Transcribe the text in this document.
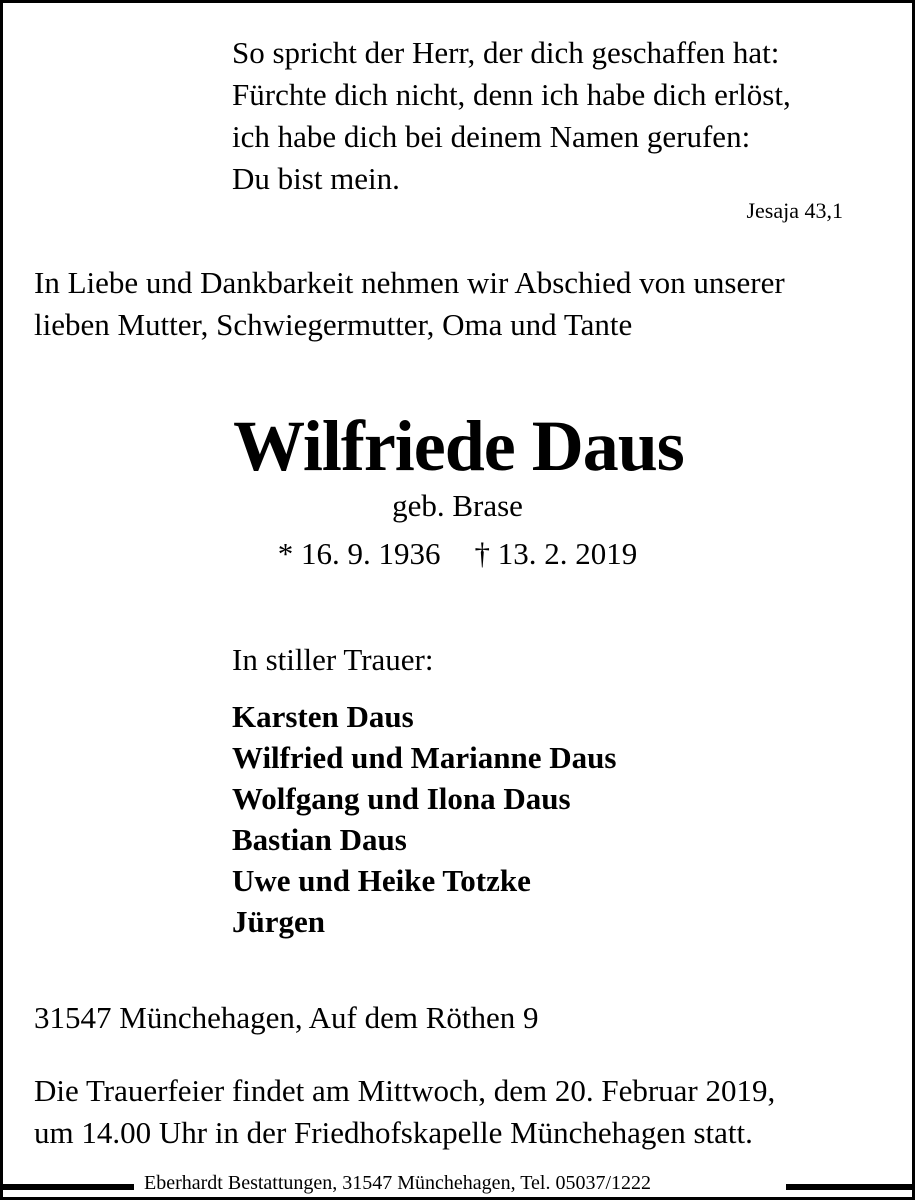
So spricht der Herr, der dich geschaffen hat:
Fürchte dich nicht, denn ich habe dich erlöst,
ich habe dich bei deinem Namen gerufen:
Du bist mein.
Jesaja 43,1
In Liebe und Dankbarkeit nehmen wir Abschied von unserer
lieben Mutter, Schwiegermutter, Oma und Tante
Wilfriede Daus
geb. Brase
* 16. 9. 1936 † 13. 2. 2019
In stiller Trauer:
Karsten Daus
Wilfried und Marianne Daus
Wolfgang und Ilona Daus
Bastian Daus
Uwe und Heike Totzke
Jürgen
31547 Münchehagen, Auf dem Röthen 9
Die Trauerfeier findet am Mittwoch, dem 20. Februar 2019,
um 14.00 Uhr in der Friedhofskapelle Münchehagen statt.
Eberhardt Bestattungen, 31547 Münchehagen, Tel. 05037/1222
